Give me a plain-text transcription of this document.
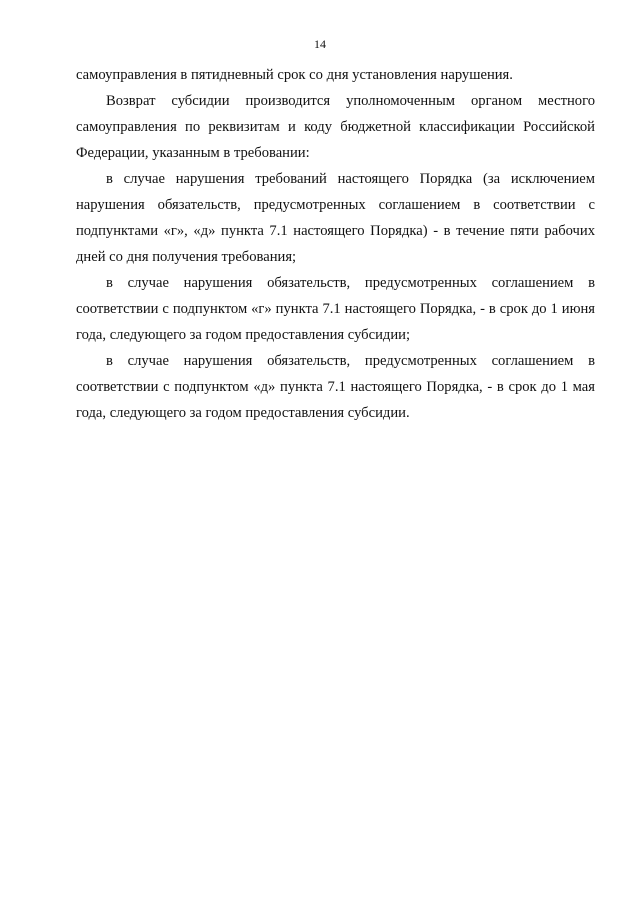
14

самоуправления в пятидневный срок со дня установления нарушения.

Возврат субсидии производится уполномоченным органом местного самоуправления по реквизитам и коду бюджетной классификации Российской Федерации, указанным в требовании:

в случае нарушения требований настоящего Порядка (за исключением нарушения обязательств, предусмотренных соглашением в соответствии с подпунктами «г», «д» пункта 7.1 настоящего Порядка) - в течение пяти рабочих дней со дня получения требования;

в случае нарушения обязательств, предусмотренных соглашением в соответствии с подпунктом «г» пункта 7.1 настоящего Порядка, - в срок до 1 июня года, следующего за годом предоставления субсидии;

в случае нарушения обязательств, предусмотренных соглашением в соответствии с подпунктом «д» пункта 7.1 настоящего Порядка, - в срок до 1 мая года, следующего за годом предоставления субсидии.
